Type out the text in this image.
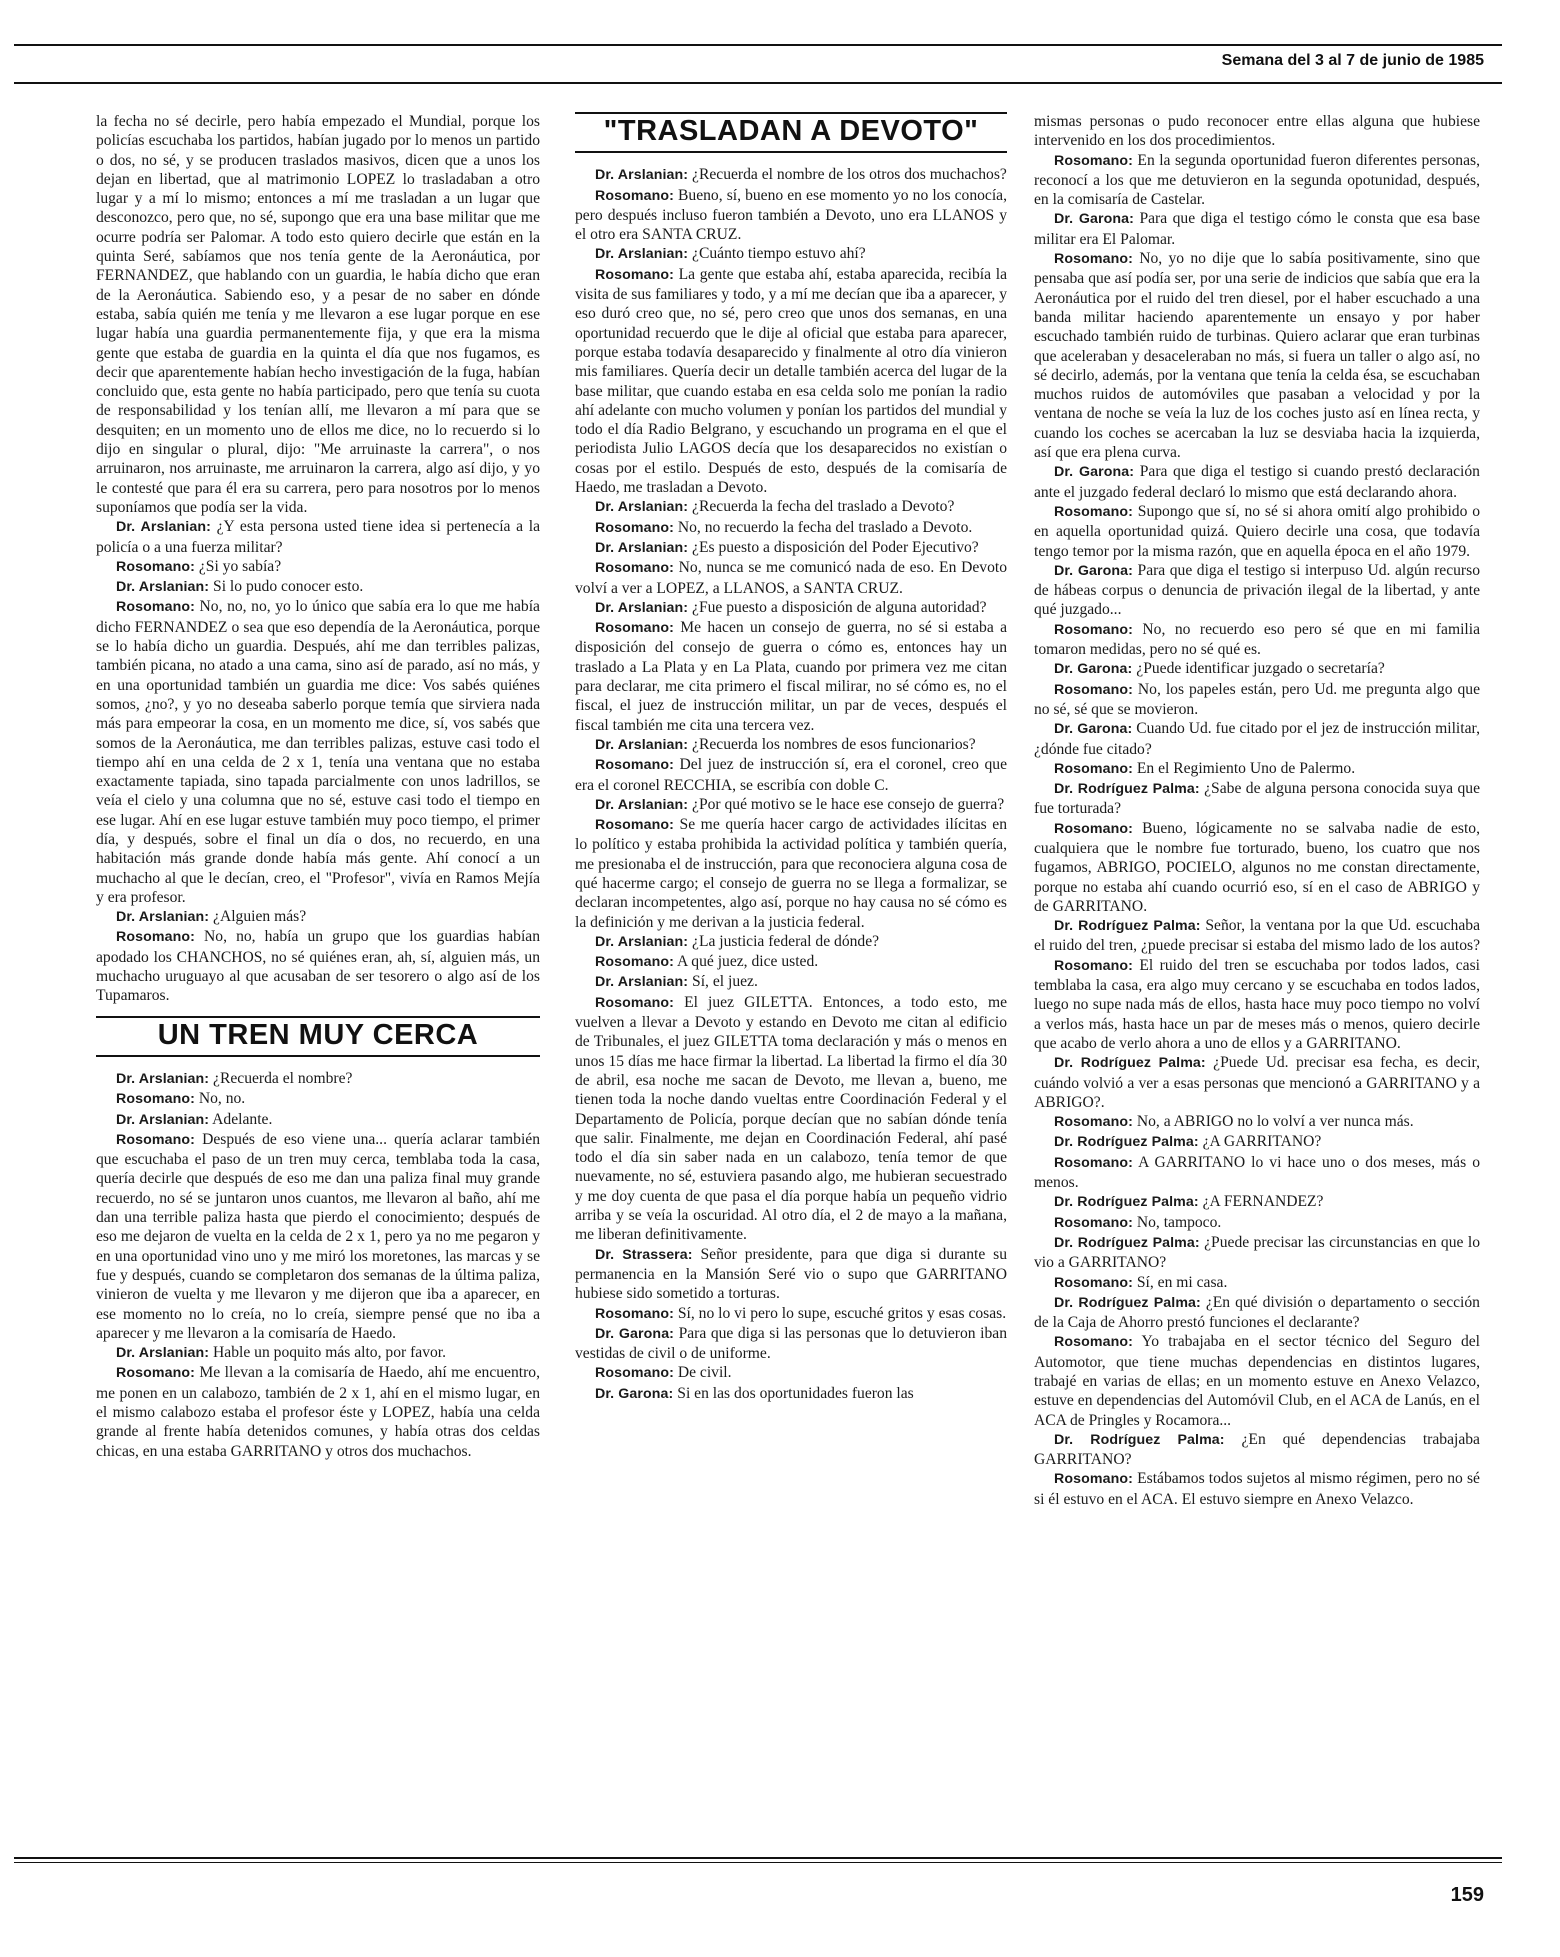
Semana del 3 al 7 de junio de 1985

la fecha no sé decirle, pero había empezado el Mundial, porque los policías escuchaba los partidos, habían jugado por lo menos un partido o dos, no sé, y se producen traslados masivos, dicen que a unos los dejan en libertad, que al matrimonio LOPEZ lo trasladaban a otro lugar y a mí lo mismo; entonces a mí me trasladan a un lugar que desconozco, pero que, no sé, supongo que era una base militar que me ocurre podría ser Palomar. A todo esto quiero decirle que están en la quinta Seré, sabíamos que nos tenía gente de la Aeronáutica, por FERNANDEZ, que hablando con un guardia, le había dicho que eran de la Aeronáutica. Sabiendo eso, y a pesar de no saber en dónde estaba, sabía quién me tenía y me llevaron a ese lugar porque en ese lugar había una guardia permanentemente fija, y que era la misma gente que estaba de guardia en la quinta el día que nos fugamos, es decir que aparentemente habían hecho investigación de la fuga, habían concluido que, esta gente no había participado, pero que tenía su cuota de responsabilidad y los tenían allí, me llevaron a mí para que se desquiten; en un momento uno de ellos me dice, no lo recuerdo si lo dijo en singular o plural, dijo: "Me arruinaste la carrera", o nos arruinaron, nos arruinaste, me arruinaron la carrera, algo así dijo, y yo le contesté que para él era su carrera, pero para nosotros por lo menos suponíamos que podía ser la vida.

Dr. Arslanian: ¿Y esta persona usted tiene idea si pertenecía a la policía o a una fuerza militar?

Rosomano: ¿Si yo sabía?

Dr. Arslanian: Si lo pudo conocer esto.

Rosomano: No, no, no, yo lo único que sabía era lo que me había dicho FERNANDEZ o sea que eso dependía de la Aeronáutica, porque se lo había dicho un guardia. Después, ahí me dan terribles palizas, también picana, no atado a una cama, sino así de parado, así no más, y en una oportunidad también un guardia me dice: Vos sabés quiénes somos, ¿no?, y yo no deseaba saberlo porque temía que sirviera nada más para empeorar la cosa, en un momento me dice, sí, vos sabés que somos de la Aeronáutica, me dan terribles palizas, estuve casi todo el tiempo ahí en una celda de 2 x 1, tenía una ventana que no estaba exactamente tapiada, sino tapada parcialmente con unos ladrillos, se veía el cielo y una columna que no sé, estuve casi todo el tiempo en ese lugar. Ahí en ese lugar estuve también muy poco tiempo, el primer día, y después, sobre el final un día o dos, no recuerdo, en una habitación más grande donde había más gente. Ahí conocí a un muchacho al que le decían, creo, el "Profesor", vivía en Ramos Mejía y era profesor.

Dr. Arslanian: ¿Alguien más?

Rosomano: No, no, había un grupo que los guardias habían apodado los CHANCHOS, no sé quiénes eran, ah, sí, alguien más, un muchacho uruguayo al que acusaban de ser tesorero o algo así de los Tupamaros.

UN TREN MUY CERCA

Dr. Arslanian: ¿Recuerda el nombre?

Rosomano: No, no.

Dr. Arslanian: Adelante.

Rosomano: Después de eso viene una... quería aclarar también que escuchaba el paso de un tren muy cerca, temblaba toda la casa, quería decirle que después de eso me dan una paliza final muy grande recuerdo, no sé se juntaron unos cuantos, me llevaron al baño, ahí me dan una terrible paliza hasta que pierdo el conocimiento; después de eso me dejaron de vuelta en la celda de 2 x 1, pero ya no me pegaron y en una oportunidad vino uno y me miró los moretones, las marcas y se fue y después, cuando se completaron dos semanas de la última paliza, vinieron de vuelta y me llevaron y me dijeron que iba a aparecer, en ese momento no lo creía, no lo creía, siempre pensé que no iba a aparecer y me llevaron a la comisaría de Haedo.

Dr. Arslanian: Hable un poquito más alto, por favor.

Rosomano: Me llevan a la comisaría de Haedo, ahí me encuentro, me ponen en un calabozo, también de 2 x 1, ahí en el mismo lugar, en el mismo calabozo estaba el profesor éste y LOPEZ, había una celda grande al frente había detenidos comunes, y había otras dos celdas chicas, en una estaba GARRITANO y otros dos muchachos.

"TRASLADAN A DEVOTO"

Dr. Arslanian: ¿Recuerda el nombre de los otros dos muchachos?

Rosomano: Bueno, sí, bueno en ese momento yo no los conocía, pero después incluso fueron también a Devoto, uno era LLANOS y el otro era SANTA CRUZ.

Dr. Arslanian: ¿Cuánto tiempo estuvo ahí?

Rosomano: La gente que estaba ahí, estaba aparecida, recibía la visita de sus familiares y todo, y a mí me decían que iba a aparecer, y eso duró creo que, no sé, pero creo que unos dos semanas, en una oportunidad recuerdo que le dije al oficial que estaba para aparecer, porque estaba todavía desaparecido y finalmente al otro día vinieron mis familiares. Quería decir un detalle también acerca del lugar de la base militar, que cuando estaba en esa celda solo me ponían la radio ahí adelante con mucho volumen y ponían los partidos del mundial y todo el día Radio Belgrano, y escuchando un programa en el que el periodista Julio LAGOS decía que los desaparecidos no existían o cosas por el estilo. Después de esto, después de la comisaría de Haedo, me trasladan a Devoto.

Dr. Arslanian: ¿Recuerda la fecha del traslado a Devoto?

Rosomano: No, no recuerdo la fecha del traslado a Devoto.

Dr. Arslanian: ¿Es puesto a disposición del Poder Ejecutivo?

Rosomano: No, nunca se me comunicó nada de eso. En Devoto volví a ver a LOPEZ, a LLANOS, a SANTA CRUZ.

Dr. Arslanian: ¿Fue puesto a disposición de alguna autoridad?

Rosomano: Me hacen un consejo de guerra, no sé si estaba a disposición del consejo de guerra o cómo es, entonces hay un traslado a La Plata y en La Plata, cuando por primera vez me citan para declarar, me cita primero el fiscal milirar, no sé cómo es, no el fiscal, el juez de instrucción militar, un par de veces, después el fiscal también me cita una tercera vez.

Dr. Arslanian: ¿Recuerda los nombres de esos funcionarios?

Rosomano: Del juez de instrucción sí, era el coronel, creo que era el coronel RECCHIA, se escribía con doble C.

Dr. Arslanian: ¿Por qué motivo se le hace ese consejo de guerra?

Rosomano: Se me quería hacer cargo de actividades ilícitas en lo político y estaba prohibida la actividad política y también quería, me presionaba el de instrucción, para que reconociera alguna cosa de qué hacerme cargo; el consejo de guerra no se llega a formalizar, se declaran incompetentes, algo así, porque no hay causa no sé cómo es la definición y me derivan a la justicia federal.

Dr. Arslanian: ¿La justicia federal de dónde?

Rosomano: A qué juez, dice usted.

Dr. Arslanian: Sí, el juez.

Rosomano: El juez GILETTA. Entonces, a todo esto, me vuelven a llevar a Devoto y estando en Devoto me citan al edificio de Tribunales, el juez GILETTA toma declaración y más o menos en unos 15 días me hace firmar la libertad. La libertad la firmo el día 30 de abril, esa noche me sacan de Devoto, me llevan a, bueno, me tienen toda la noche dando vueltas entre Coordinación Federal y el Departamento de Policía, porque decían que no sabían dónde tenía que salir. Finalmente, me dejan en Coordinación Federal, ahí pasé todo el día sin saber nada en un calabozo, tenía temor de que nuevamente, no sé, estuviera pasando algo, me hubieran secuestrado y me doy cuenta de que pasa el día porque había un pequeño vidrio arriba y se veía la oscuridad. Al otro día, el 2 de mayo a la mañana, me liberan definitivamente.

Dr. Strassera: Señor presidente, para que diga si durante su permanencia en la Mansión Seré vio o supo que GARRITANO hubiese sido sometido a torturas.

Rosomano: Sí, no lo vi pero lo supe, escuché gritos y esas cosas.

Dr. Garona: Para que diga si las personas que lo detuvieron iban vestidas de civil o de uniforme.

Rosomano: De civil.

Dr. Garona: Si en las dos oportunidades fueron las

mismas personas o pudo reconocer entre ellas alguna que hubiese intervenido en los dos procedimientos.

Rosomano: En la segunda oportunidad fueron diferentes personas, reconocí a los que me detuvieron en la segunda opotunidad, después, en la comisaría de Castelar.

Dr. Garona: Para que diga el testigo cómo le consta que esa base militar era El Palomar.

Rosomano: No, yo no dije que lo sabía positivamente, sino que pensaba que así podía ser, por una serie de indicios que sabía que era la Aeronáutica por el ruido del tren diesel, por el haber escuchado a una banda militar haciendo aparentemente un ensayo y por haber escuchado también ruido de turbinas. Quiero aclarar que eran turbinas que aceleraban y desaceleraban no más, si fuera un taller o algo así, no sé decirlo, además, por la ventana que tenía la celda ésa, se escuchaban muchos ruidos de automóviles que pasaban a velocidad y por la ventana de noche se veía la luz de los coches justo así en línea recta, y cuando los coches se acercaban la luz se desviaba hacia la izquierda, así que era plena curva.

Dr. Garona: Para que diga el testigo si cuando prestó declaración ante el juzgado federal declaró lo mismo que está declarando ahora.

Rosomano: Supongo que sí, no sé si ahora omití algo prohibido o en aquella oportunidad quizá. Quiero decirle una cosa, que todavía tengo temor por la misma razón, que en aquella época en el año 1979.

Dr. Garona: Para que diga el testigo si interpuso Ud. algún recurso de hábeas corpus o denuncia de privación ilegal de la libertad, y ante qué juzgado...

Rosomano: No, no recuerdo eso pero sé que en mi familia tomaron medidas, pero no sé qué es.

Dr. Garona: ¿Puede identificar juzgado o secretaría?

Rosomano: No, los papeles están, pero Ud. me pregunta algo que no sé, sé que se movieron.

Dr. Garona: Cuando Ud. fue citado por el jez de instrucción militar, ¿dónde fue citado?

Rosomano: En el Regimiento Uno de Palermo.

Dr. Rodríguez Palma: ¿Sabe de alguna persona conocida suya que fue torturada?

Rosomano: Bueno, lógicamente no se salvaba nadie de esto, cualquiera que le nombre fue torturado, bueno, los cuatro que nos fugamos, ABRIGO, POCIELO, algunos no me constan directamente, porque no estaba ahí cuando ocurrió eso, sí en el caso de ABRIGO y de GARRITANO.

Dr. Rodríguez Palma: Señor, la ventana por la que Ud. escuchaba el ruido del tren, ¿puede precisar si estaba del mismo lado de los autos?

Rosomano: El ruido del tren se escuchaba por todos lados, casi temblaba la casa, era algo muy cercano y se escuchaba en todos lados, luego no supe nada más de ellos, hasta hace muy poco tiempo no volví a verlos más, hasta hace un par de meses más o menos, quiero decirle que acabo de verlo ahora a uno de ellos y a GARRITANO.

Dr. Rodríguez Palma: ¿Puede Ud. precisar esa fecha, es decir, cuándo volvió a ver a esas personas que mencionó a GARRITANO y a ABRIGO?.

Rosomano: No, a ABRIGO no lo volví a ver nunca más.

Dr. Rodríguez Palma: ¿A GARRITANO?

Rosomano: A GARRITANO lo vi hace uno o dos meses, más o menos.

Dr. Rodríguez Palma: ¿A FERNANDEZ?

Rosomano: No, tampoco.

Dr. Rodríguez Palma: ¿Puede precisar las circunstancias en que lo vio a GARRITANO?

Rosomano: Sí, en mi casa.

Dr. Rodríguez Palma: ¿En qué división o departamento o sección de la Caja de Ahorro prestó funciones el declarante?

Rosomano: Yo trabajaba en el sector técnico del Seguro del Automotor, que tiene muchas dependencias en distintos lugares, trabajé en varias de ellas; en un momento estuve en Anexo Velazco, estuve en dependencias del Automóvil Club, en el ACA de Lanús, en el ACA de Pringles y Rocamora...

Dr. Rodríguez Palma: ¿En qué dependencias trabajaba GARRITANO?

Rosomano: Estábamos todos sujetos al mismo régimen, pero no sé si él estuvo en el ACA. El estuvo siempre en Anexo Velazco.

159
